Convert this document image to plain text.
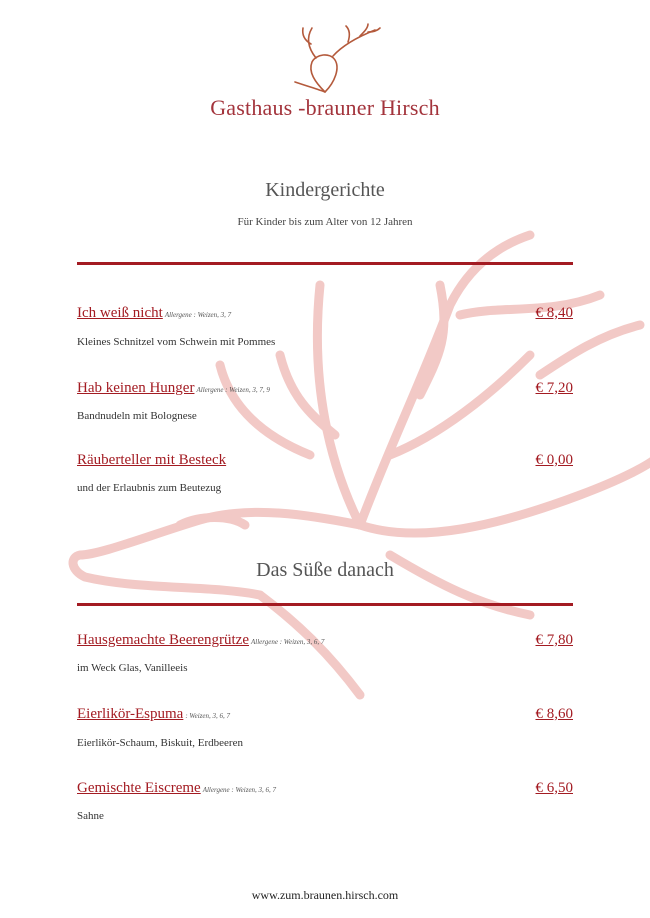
Gasthaus -brauner Hirsch
Kindergerichte
Für Kinder bis zum Alter von 12 Jahren
Ich weiß nicht Allergene : Weizen, 3, 7	€ 8,40
Kleines Schnitzel vom Schwein mit Pommes
Hab keinen Hunger Allergene : Weizen, 3, 7, 9	€ 7,20
Bandnudeln mit Bolognese
Räuberteller mit Besteck	€ 0,00
und der Erlaubnis zum Beutezug
Das Süße danach
Hausgemachte Beerengrütze Allergene : Weizen, 3, 6, 7	€ 7,80
im Weck Glas, Vanilleeis
Eierlikör-Espuma : Weizen, 3, 6, 7	€ 8,60
Eierlikör-Schaum, Biskuit, Erdbeeren
Gemischte Eiscreme Allergene : Weizen, 3, 6, 7	€ 6,50
Sahne
www.zum.braunen.hirsch.com
